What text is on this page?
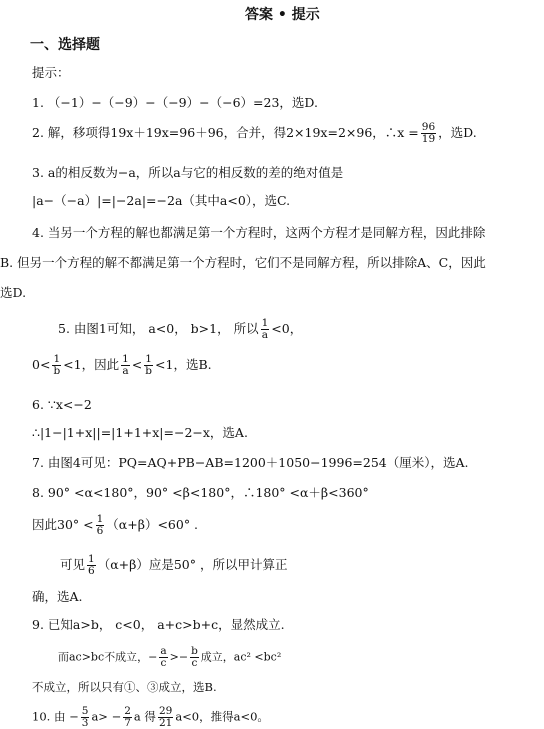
答案 • 提示
一、选择题
提示：
1. （−1）−（−9）−（−9）−（−6）=23，选D.
2. 解，移项得19x＋19x=96＋96，合并，得2×19x=2×96，∴x = $\frac{96}{19}$ ，选D.
3. a的相反数为−a，所以a与它的相反数的差的绝对值是
|a−（−a）|=|−2a|=−2a（其中a<0），选C.
4. 当另一个方程的解也都满足第一个方程时，这两个方程才是同解方程，因此排除
B. 但另一个方程的解不都满足第一个方程时，它们不是同解方程，所以排除A、C，因此
选D.
5. 由图1可知， a<0， b>1， 所以 $\frac{1}{a} <0$，
$0< \frac{1}{b} <1$，因此 $\frac{1}{a} < \frac{1}{b} <1$，选B.
6. ∵x<−2
∴|1−|1+x||=|1+1+x|=−2−x，选A.
7. 由图4可见：PQ=AQ+PB−AB=1200＋1050−1996=254（厘米），选A.
8. 90° <α<180°，90° <β<180°，∴180° <α＋β<360°
因此$30^\circ < \frac{1}{6} (\alpha+\beta)<60^\circ$ .
可见 $\frac{1}{6} (\alpha+\beta)$应是50° ，所以甲计算正
确，选A.
9. 已知a>b， c<0， a+c>b+c，显然成立.
而ac>bc不成立，− $\frac{a}{c} >- \frac{b}{c}$ 成立，ac² <bc²
不成立，所以只有①、③成立，选B.
10. 由 − $\frac{5}{3} a> - \frac{2}{7}$ a 得 $\frac{29}{21} a<0$，推得a<0。
